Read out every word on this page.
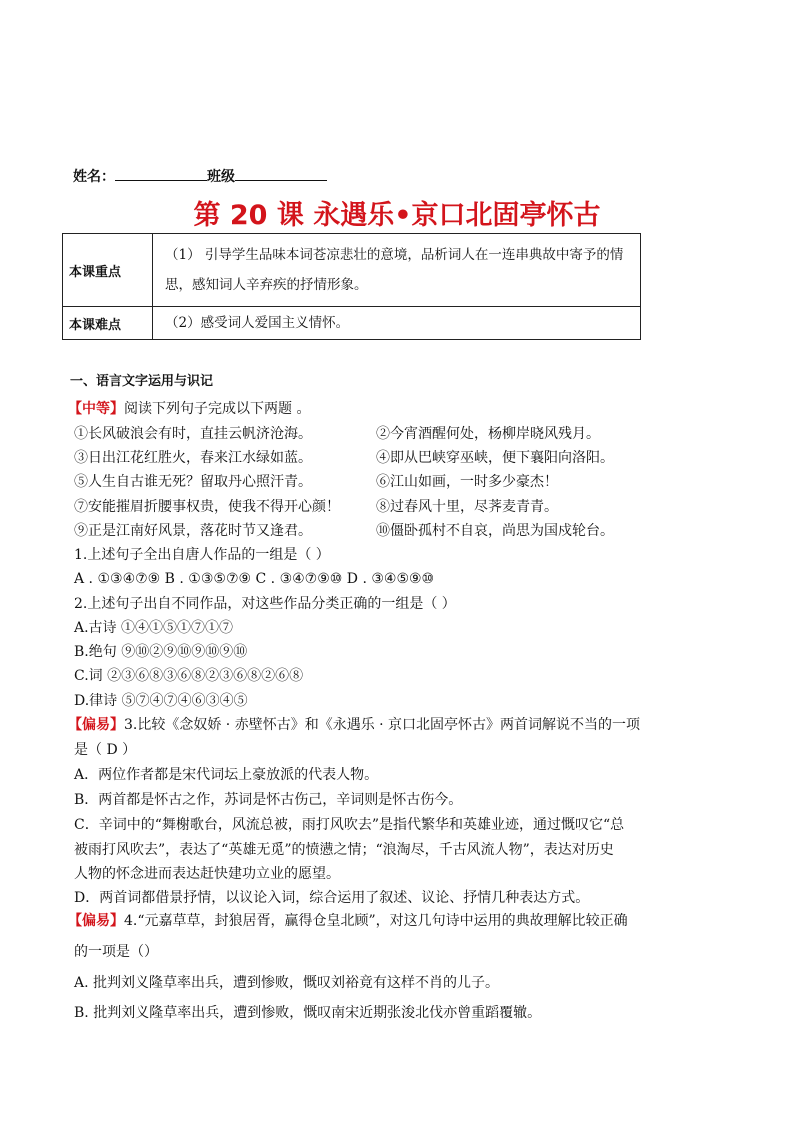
姓名：	班级
第 20 课 永遇乐•京口北固亭怀古
本课重点	（1） 引导学生品味本词苍凉悲壮的意境，品析词人在一连串典故中寄予的情思，感知词人辛弃疾的抒情形象。
本课难点	（2）感受词人爱国主义情怀。
一、语言文字运用与识记
【中等】阅读下列句子完成以下两题 。
①长风破浪会有时，直挂云帆济沧海。	②今宵酒醒何处，杨柳岸晓风残月。
③日出江花红胜火，春来江水绿如蓝。	④即从巴峡穿巫峡，便下襄阳向洛阳。
⑤人生自古谁无死？留取丹心照汗青。	⑥江山如画，一时多少豪杰！
⑦安能摧眉折腰事权贵，使我不得开心颜！	⑧过春风十里，尽荠麦青青。
⑨正是江南好风景，落花时节又逢君。	⑩僵卧孤村不自哀，尚思为国戍轮台。
1.上述句子全出自唐人作品的一组是（ ）
A . ①③④⑦⑨ B . ①③⑤⑦⑨ C . ③④⑦⑨⑩ D . ③④⑤⑨⑩
2.上述句子出自不同作品，对这些作品分类正确的一组是（ ）
A.古诗 ①④①⑤①⑦①⑦
B.绝句 ⑨⑩②⑨⑩⑨⑩⑨⑩
C.词 ②③⑥⑧③⑥⑧②③⑥⑧②⑥⑧
D.律诗 ⑤⑦④⑦④⑥③④⑤
【偏易】3.比较《念奴娇 · 赤壁怀古》和《永遇乐 · 京口北固亭怀古》两首词解说不当的一项
是（ D ）
A．两位作者都是宋代词坛上豪放派的代表人物。
B．两首都是怀古之作，苏词是怀古伤己，辛词则是怀古伤今。
C．辛词中的“舞榭歌台，风流总被，雨打风吹去”是指代繁华和英雄业迹，通过慨叹它“总
被雨打风吹去”，表达了“英雄无觅”的愤懑之情；“浪淘尽，千古风流人物”，表达对历史
人物的怀念进而表达赶快建功立业的愿望。
D．两首词都借景抒情，以议论入词，综合运用了叙述、议论、抒情几种表达方式。
【偏易】4.“元嘉草草，封狼居胥，赢得仓皇北顾”，对这几句诗中运用的典故理解比较正确
的一项是（）
A. 批判刘义隆草率出兵，遭到惨败，慨叹刘裕竟有这样不肖的儿子。
B. 批判刘义隆草率出兵，遭到惨败，慨叹南宋近期张浚北伐亦曾重蹈覆辙。
